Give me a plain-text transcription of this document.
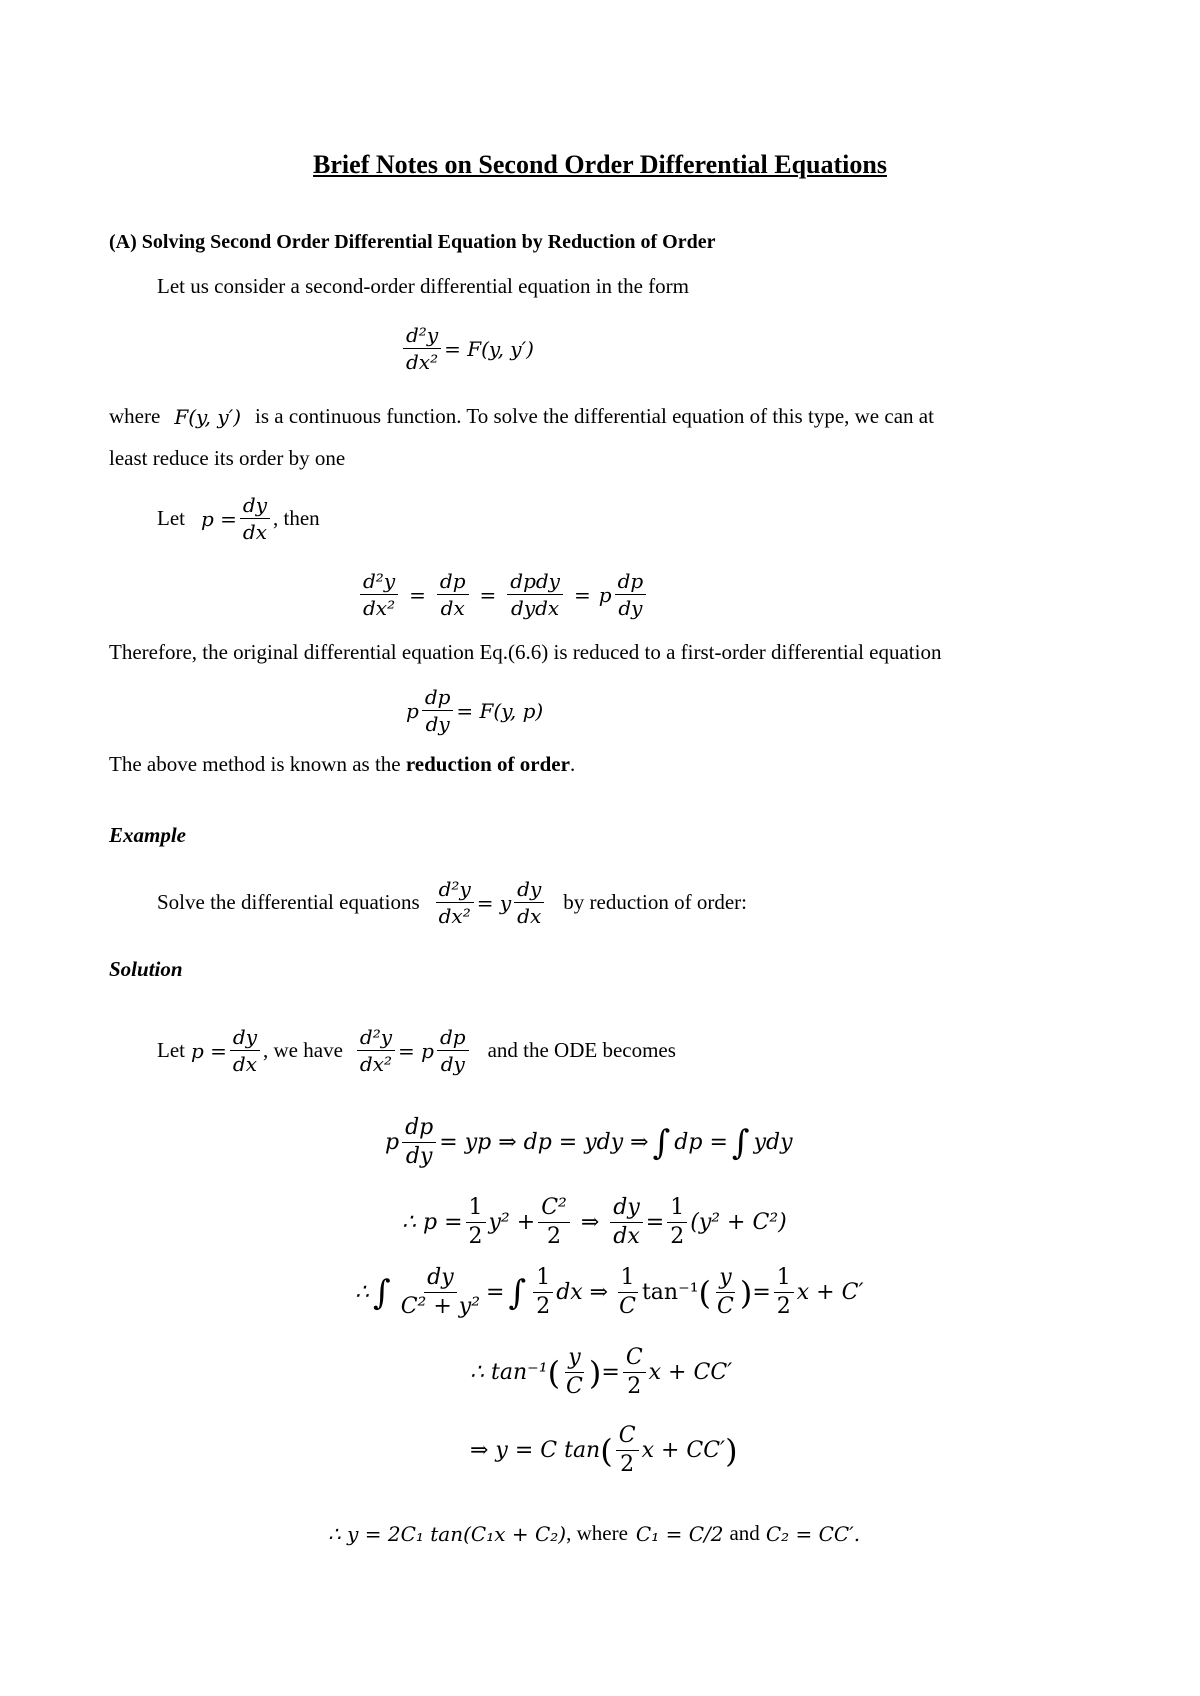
Brief Notes on Second Order Differential Equations
(A) Solving Second Order Differential Equation by Reduction of Order
Let us consider a second-order differential equation in the form
$\frac{\text{d²y}}{\text{dx²}} = F(y$, y′)
where F(y, y′) is a continuous function. To solve the differential equation of this type, we can at
least reduce its order by one
Let $p = \frac{dy}{dx}$ , then
$\frac{\text{d²y}}{\text{dx²}} = \frac{dp}{dx} = \frac{\text{dpdy}}{\text{dydx}} = p \frac{dp}{dy}$
Therefore, the original differential equation Eq.(6.6) is reduced to a first-order differential equation
p $\frac{dp}{dy} = F(y$, p)
The above method is known as the reduction of order.
Example
Solve the differential equations $\frac{\text{d²y}}{\text{dx²}} = y \frac{dy}{dx}$ by reduction of order:
Solution
Let $p = \frac{dy}{dx}$ , we have $\frac{\text{d²y}}{\text{dx²}} = p \frac{dp}{dy}$ and the ODE becomes
p $\frac{dp}{dy}$ = yp ⇒ dp = ydy ⇒ ∫ dp = ∫ ydy
∴ $p = \frac{1}{2} y^2 + \frac{\text{C²}}{2}$ ⇒ $\frac{dy}{dx} = \frac{1}{2} (y^2 + C^2)$
∴ ∫ $\frac{dy}{\text{C² + y²}}$ = ∫ $\frac{1}{2}$ dx ⇒ $\frac{1}{C} \tan^{-1}$ ( $\frac{y}{C}$ ) = $\frac{1}{2}$ x + C′
∴ tan⁻¹ ( $\frac{y}{C}$ ) = $\frac{C}{2}$ x + CC′
⇒ y = C tan ( $\frac{C}{2}$ x + CC′ )
∴ y = 2C₁ tan(C₁x + C₂) , where C₁ = C/2 and C₂ = CC′.
